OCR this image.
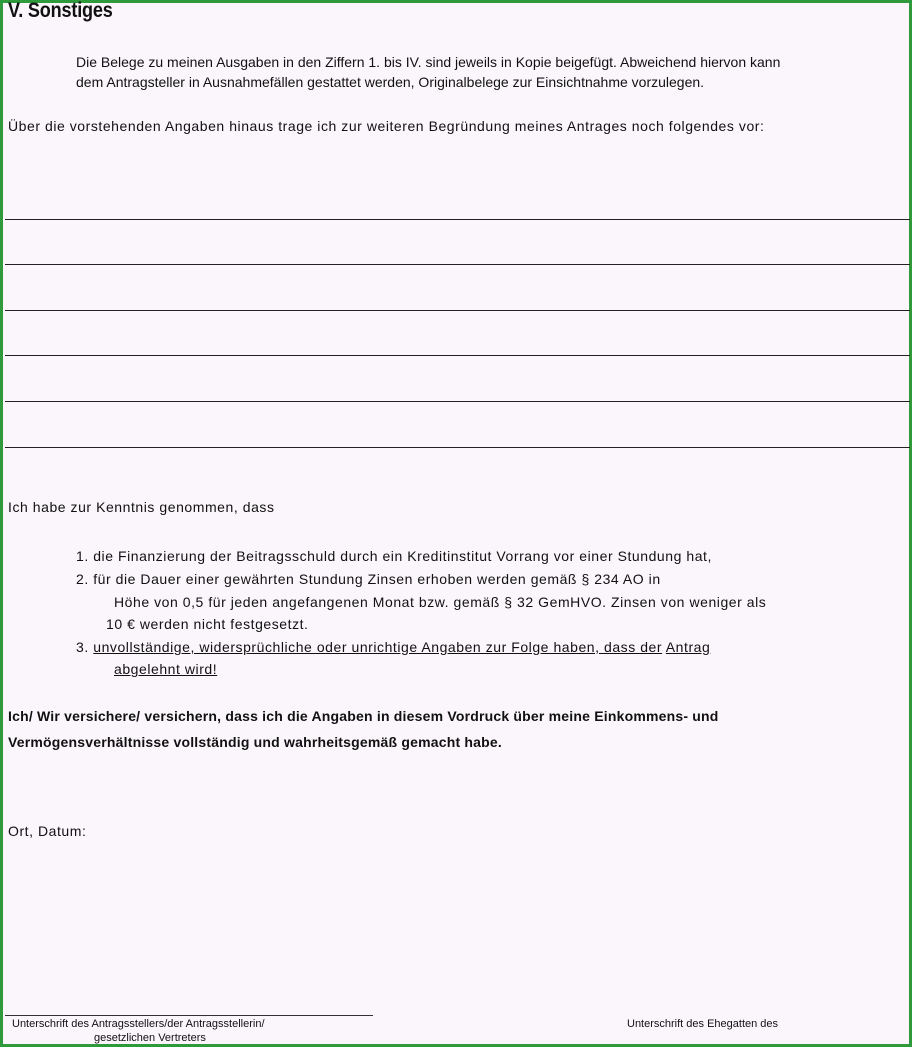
V. Sonstiges
Die Belege zu meinen Ausgaben in den Ziffern 1. bis IV. sind jeweils in Kopie beigefügt. Abweichend hiervon kann
dem Antragsteller in Ausnahmefällen gestattet werden, Originalbelege zur Einsichtnahme vorzulegen.
Über die vorstehenden Angaben hinaus trage ich zur weiteren Begründung meines Antrages noch folgendes vor:
Ich habe zur Kenntnis genommen, dass
1. die Finanzierung der Beitragsschuld durch ein Kreditinstitut Vorrang vor einer Stundung hat,
2. für die Dauer einer gewährten Stundung Zinsen erhoben werden gemäß § 234 AO in
Höhe von 0,5 für jeden angefangenen Monat bzw. gemäß § 32 GemHVO. Zinsen von weniger als
10 € werden nicht festgesetzt.
3. unvollständige, widersprüchliche oder unrichtige Angaben zur Folge haben, dass der Antrag
abgelehnt wird!
Ich/ Wir versichere/ versichern, dass ich die Angaben in diesem Vordruck über meine Einkommens- und
Vermögensverhältnisse vollständig und wahrheitsgemäß gemacht habe.
Ort, Datum:
Unterschrift des Antragsstellers/der Antragsstellerin/
gesetzlichen Vertreters
Unterschrift des Ehegatten des
